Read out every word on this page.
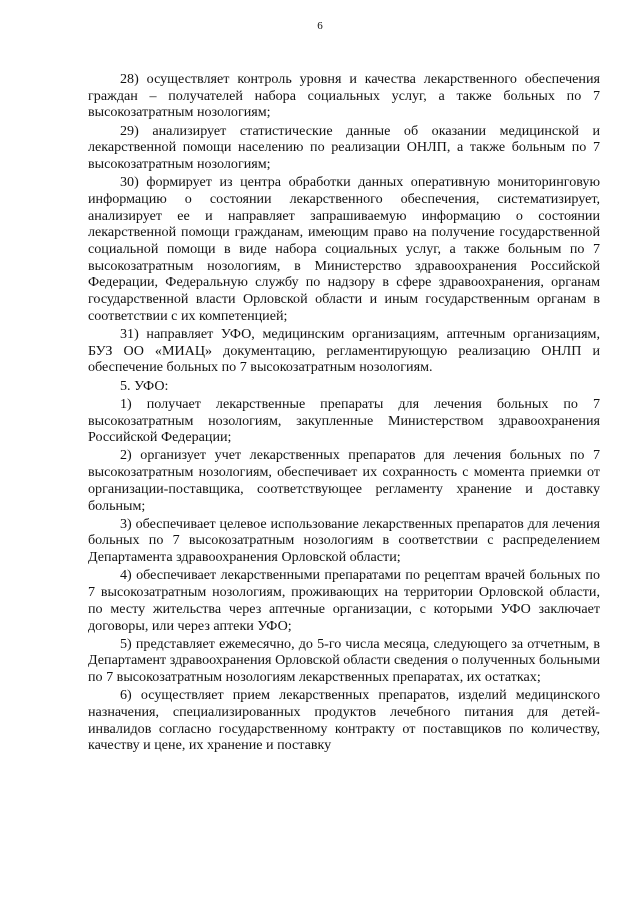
6

28) осуществляет контроль уровня и качества лекарственного обеспечения граждан – получателей набора социальных услуг, а также больных по 7 высокозатратным нозологиям;

29) анализирует статистические данные об оказании медицинской и лекарственной помощи населению по реализации ОНЛП, а также больным по 7 высокозатратным нозологиям;

30) формирует из центра обработки данных оперативную мониторинговую информацию о состоянии лекарственного обеспечения, систематизирует, анализирует ее и направляет запрашиваемую информацию о состоянии лекарственной помощи гражданам, имеющим право на получение государственной социальной помощи в виде набора социальных услуг, а также больным по 7 высокозатратным нозологиям, в Министерство здравоохранения Российской Федерации, Федеральную службу по надзору в сфере здравоохранения, органам государственной власти Орловской области и иным государственным органам в соответствии с их компетенцией;

31) направляет УФО, медицинским организациям, аптечным организациям, БУЗ ОО «МИАЦ» документацию, регламентирующую реализацию ОНЛП и обеспечение больных по 7 высокозатратным нозологиям.

5. УФО:

1) получает лекарственные препараты для лечения больных по 7 высокозатратным нозологиям, закупленные Министерством здравоохранения Российской Федерации;

2) организует учет лекарственных препаратов для лечения больных по 7 высокозатратным нозологиям, обеспечивает их сохранность с момента приемки от организации-поставщика, соответствующее регламенту хранение и доставку больным;

3) обеспечивает целевое использование лекарственных препаратов для лечения больных по 7 высокозатратным нозологиям в соответствии с распределением Департамента здравоохранения Орловской области;

4) обеспечивает лекарственными препаратами по рецептам врачей больных по 7 высокозатратным нозологиям, проживающих на территории Орловской области, по месту жительства через аптечные организации, с которыми УФО заключает договоры, или через аптеки УФО;

5) представляет ежемесячно, до 5-го числа месяца, следующего за отчетным, в Департамент здравоохранения Орловской области сведения о полученных больными по 7 высокозатратным нозологиям лекарственных препаратах, их остатках;

6) осуществляет прием лекарственных препаратов, изделий медицинского назначения, специализированных продуктов лечебного питания для детей-инвалидов согласно государственному контракту от поставщиков по количеству, качеству и цене, их хранение и поставку
